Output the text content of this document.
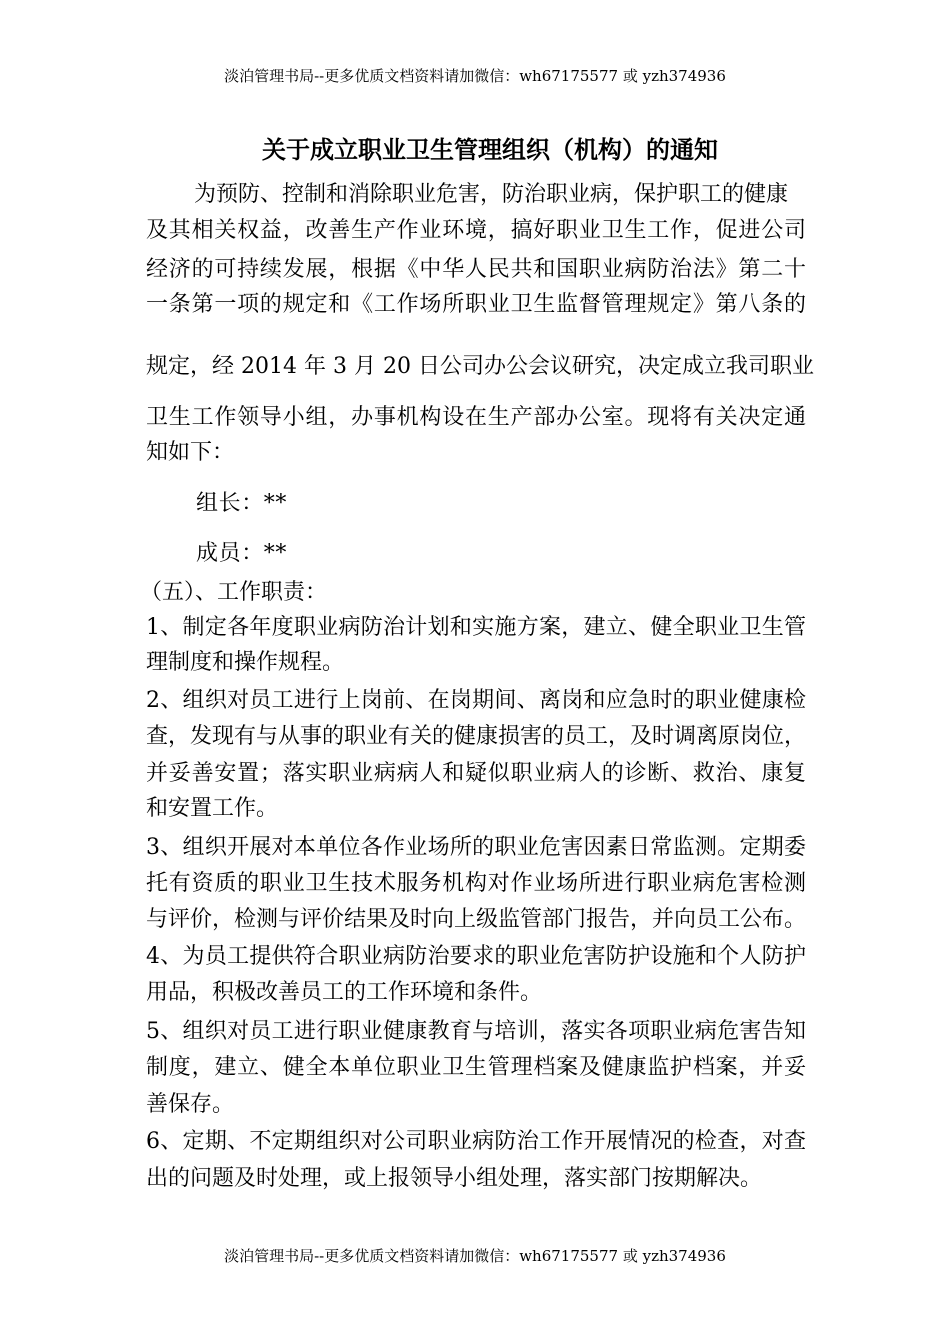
淡泊管理书局--更多优质文档资料请加微信：wh67175577 或 yzh374936
关于成立职业卫生管理组织（机构）的通知
为预防、控制和消除职业危害，防治职业病，保护职工的健康
及其相关权益，改善生产作业环境，搞好职业卫生工作，促进公司
经济的可持续发展，根据《中华人民共和国职业病防治法》第二十
一条第一项的规定和《工作场所职业卫生监督管理规定》第八条的
规定，经 2014 年 3 月 20 日公司办公会议研究，决定成立我司职业
卫生工作领导小组，办事机构设在生产部办公室。现将有关决定通
知如下：
组长：**
成员：**
（五）、工作职责：
1、制定各年度职业病防治计划和实施方案，建立、健全职业卫生管
理制度和操作规程。
2、组织对员工进行上岗前、在岗期间、离岗和应急时的职业健康检
查，发现有与从事的职业有关的健康损害的员工，及时调离原岗位，
并妥善安置；落实职业病病人和疑似职业病人的诊断、救治、康复
和安置工作。
3、组织开展对本单位各作业场所的职业危害因素日常监测。定期委
托有资质的职业卫生技术服务机构对作业场所进行职业病危害检测
与评价，检测与评价结果及时向上级监管部门报告，并向员工公布。
4、为员工提供符合职业病防治要求的职业危害防护设施和个人防护
用品，积极改善员工的工作环境和条件。
5、组织对员工进行职业健康教育与培训，落实各项职业病危害告知
制度，建立、健全本单位职业卫生管理档案及健康监护档案，并妥
善保存。
6、定期、不定期组织对公司职业病防治工作开展情况的检查，对查
出的问题及时处理，或上报领导小组处理，落实部门按期解决。
淡泊管理书局--更多优质文档资料请加微信：wh67175577 或 yzh374936
